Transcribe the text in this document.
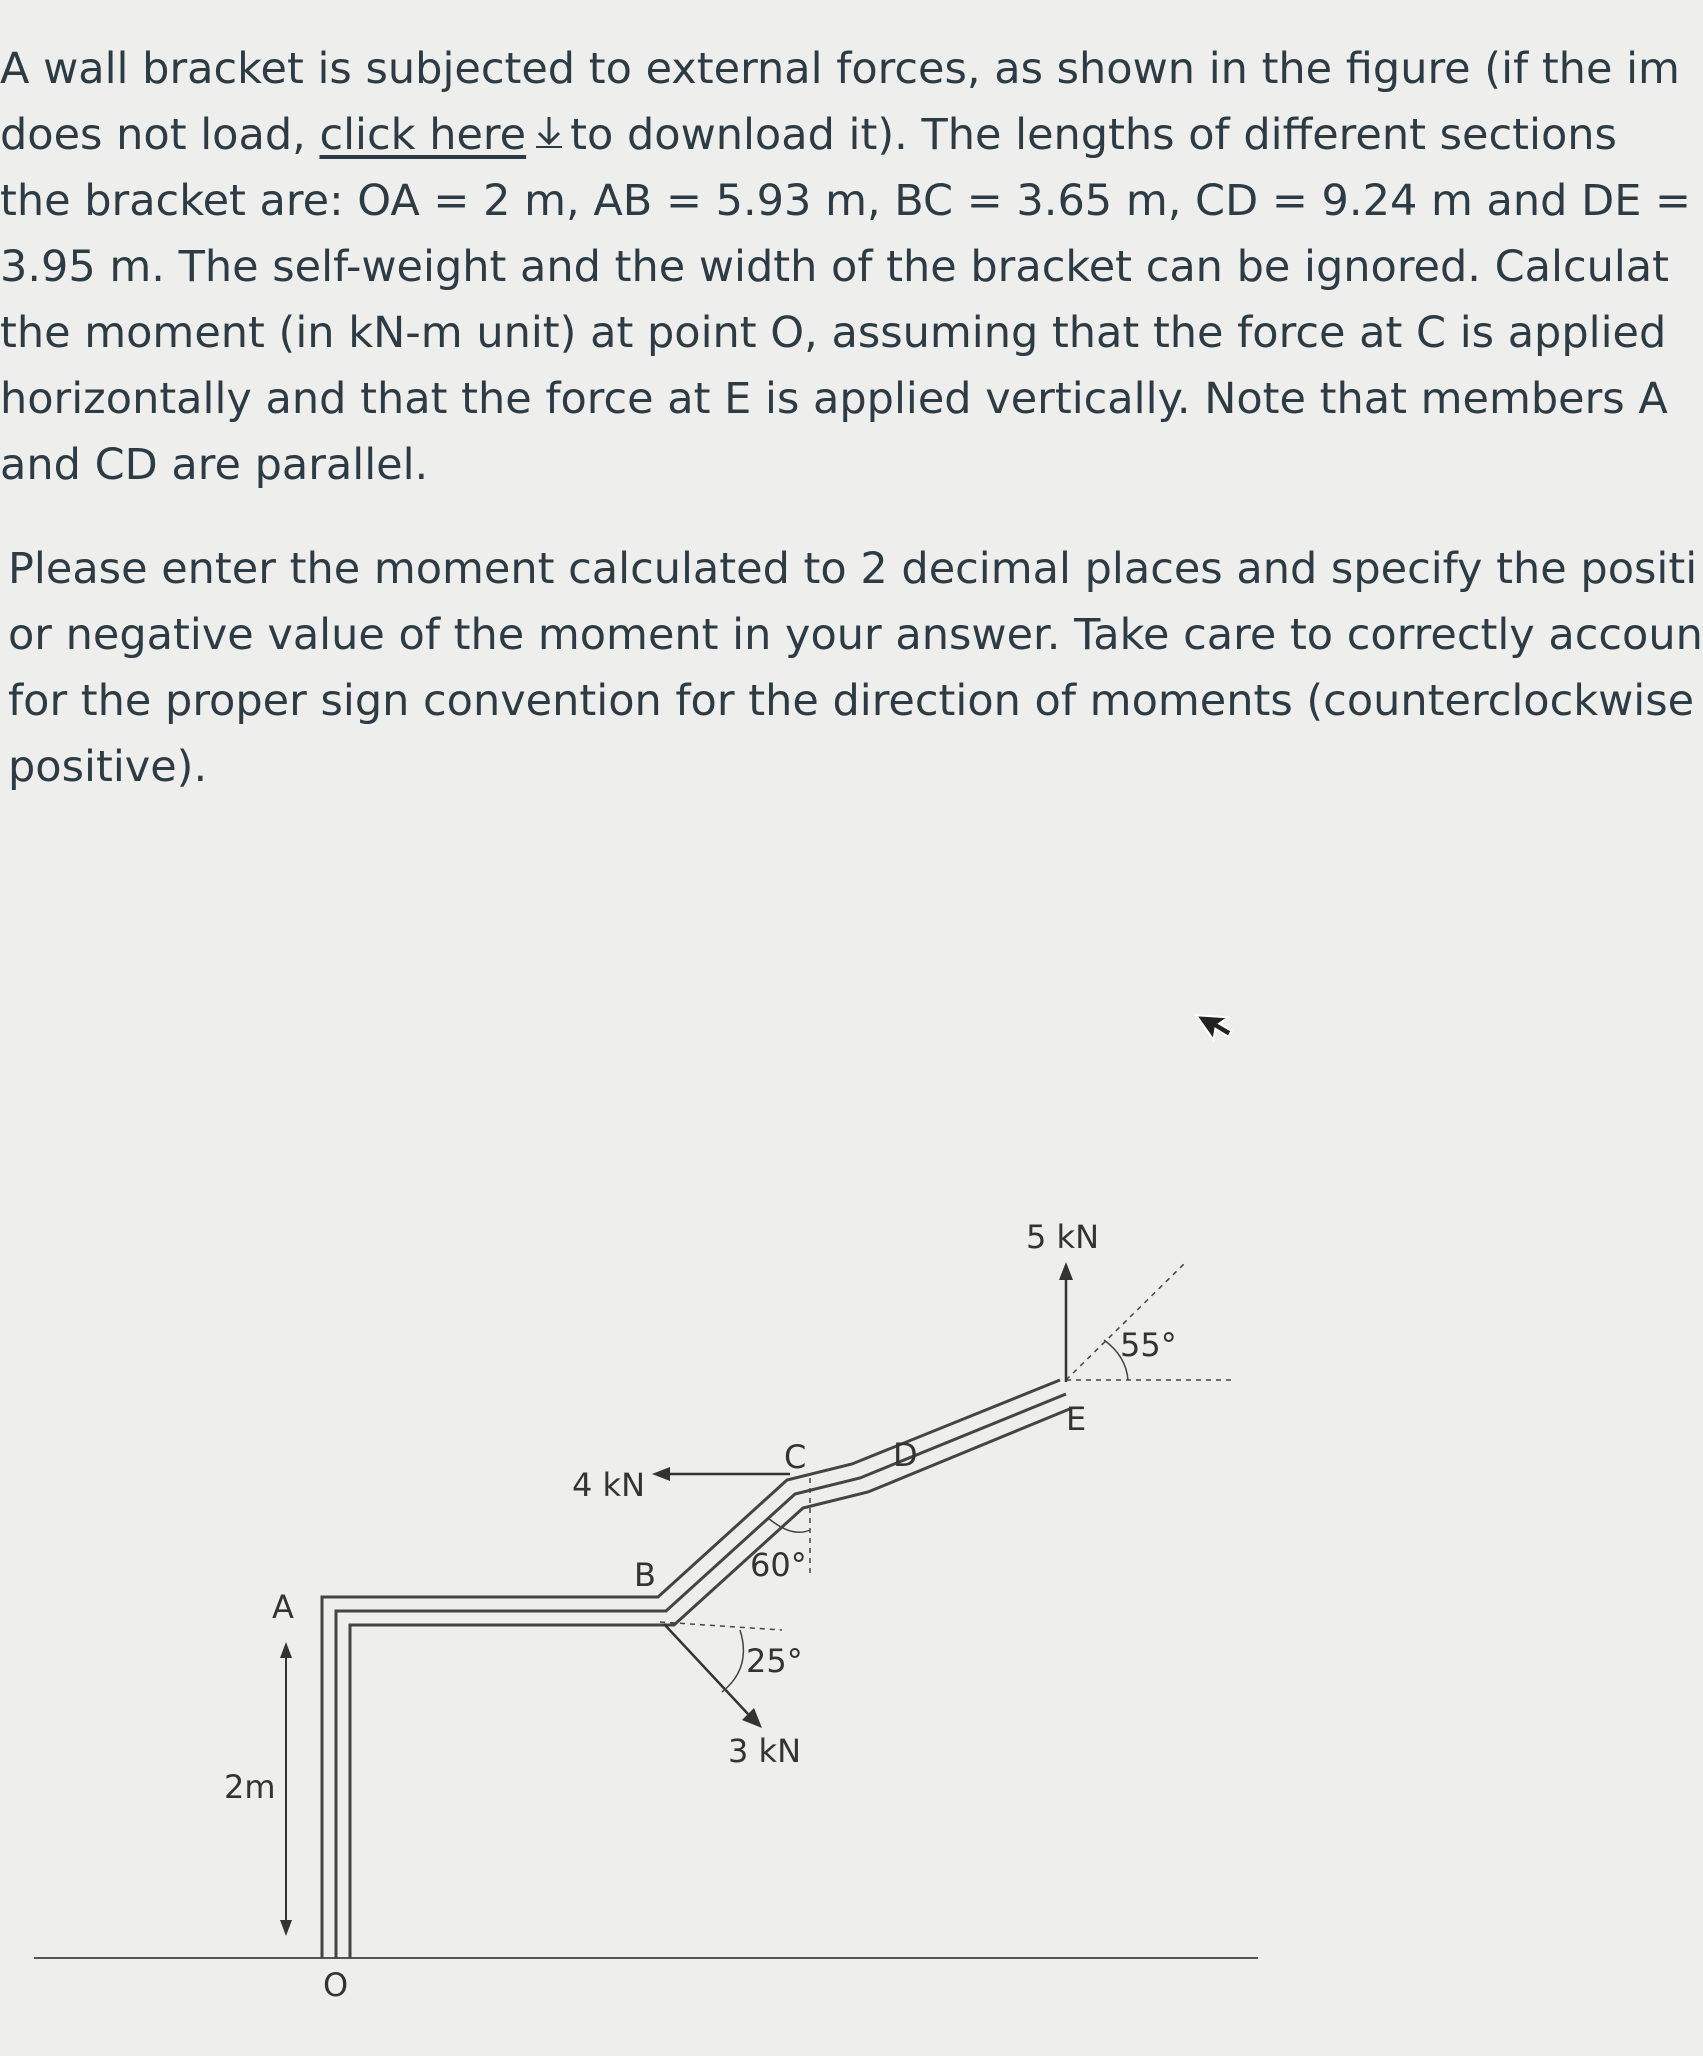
A wall bracket is subjected to external forces, as shown in the figure (if the im
does not load, click here to download it). The lengths of different sections
the bracket are: OA = 2 m, AB = 5.93 m, BC = 3.65 m, CD = 9.24 m and DE =
3.95 m. The self-weight and the width of the bracket can be ignored. Calculat
the moment (in kN-m unit) at point O, assuming that the force at C is applied
horizontally and that the force at E is applied vertically. Note that members A
and CD are parallel.
Please enter the moment calculated to 2 decimal places and specify the positi
or negative value of the moment in your answer. Take care to correctly accoun
for the proper sign convention for the direction of moments (counterclockwise
positive).
O
A
B
C	D
E
2m
4 kN
60°
25°
3 kN
5 kN
55°
